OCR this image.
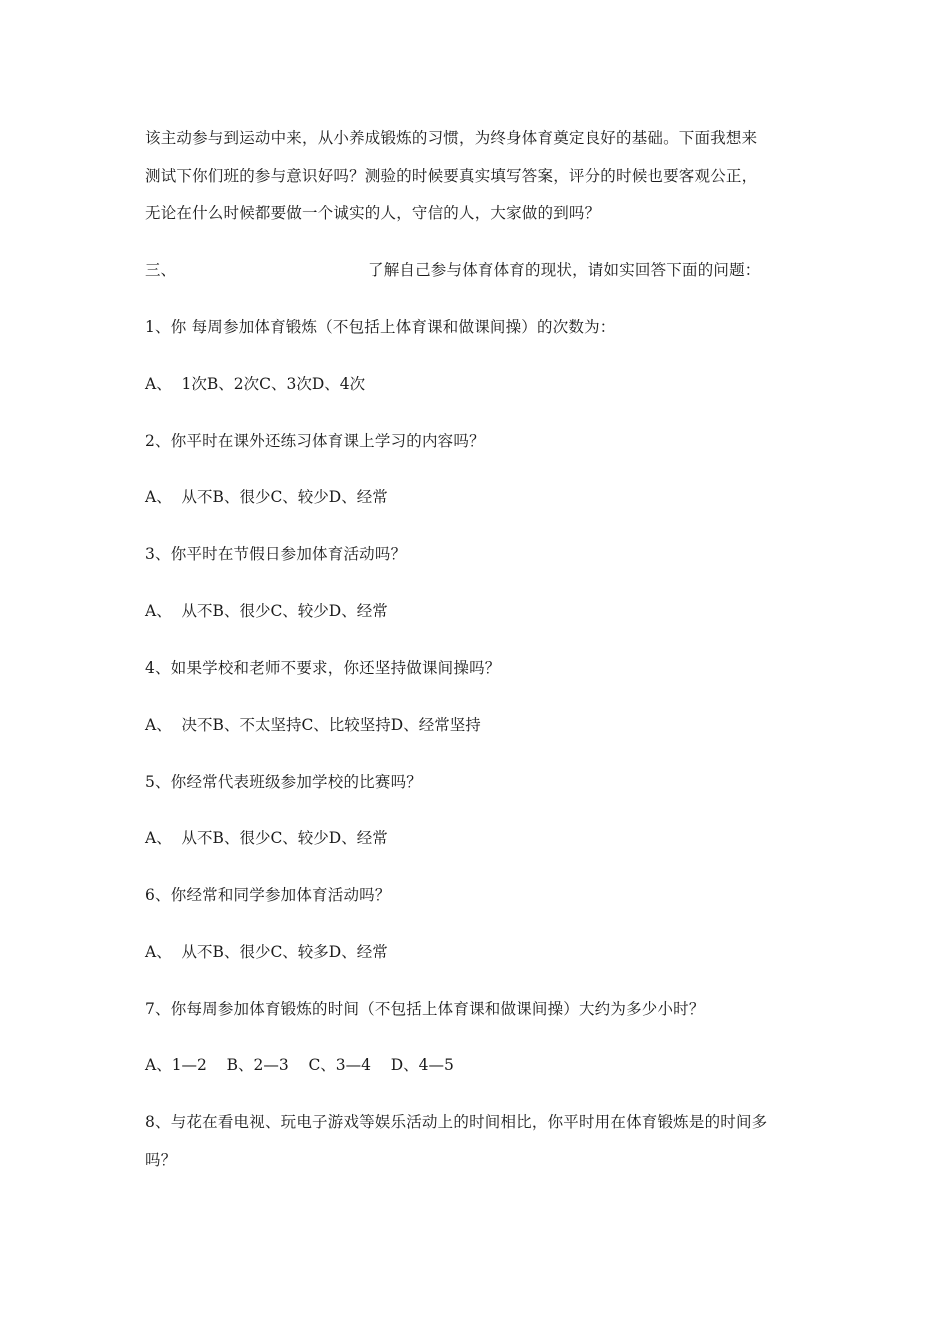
该主动参与到运动中来，从小养成锻炼的习惯，为终身体育奠定良好的基础。下面我想来
测试下你们班的参与意识好吗？测验的时候要真实填写答案，评分的时候也要客观公正，
无论在什么时候都要做一个诚实的人，守信的人，大家做的到吗？
三、	了解自己参与体育体育的现状，请如实回答下面的问题：
1、你 每周参加体育锻炼（不包括上体育课和做课间操）的次数为：
A、  1次B、2次C、3次D、4次
2、你平时在课外还练习体育课上学习的内容吗？
A、  从不B、很少C、较少D、经常
3、你平时在节假日参加体育活动吗？
A、  从不B、很少C、较少D、经常
4、如果学校和老师不要求，你还坚持做课间操吗？
A、  决不B、不太坚持C、比较坚持D、经常坚持
5、你经常代表班级参加学校的比赛吗？
A、  从不B、很少C、较少D、经常
6、你经常和同学参加体育活动吗？
A、  从不B、很少C、较多D、经常
7、你每周参加体育锻炼的时间（不包括上体育课和做课间操）大约为多少小时？
A、1—2    B、2—3    C、3—4    D、4—5
8、与花在看电视、玩电子游戏等娱乐活动上的时间相比，你平时用在体育锻炼是的时间多
吗？
